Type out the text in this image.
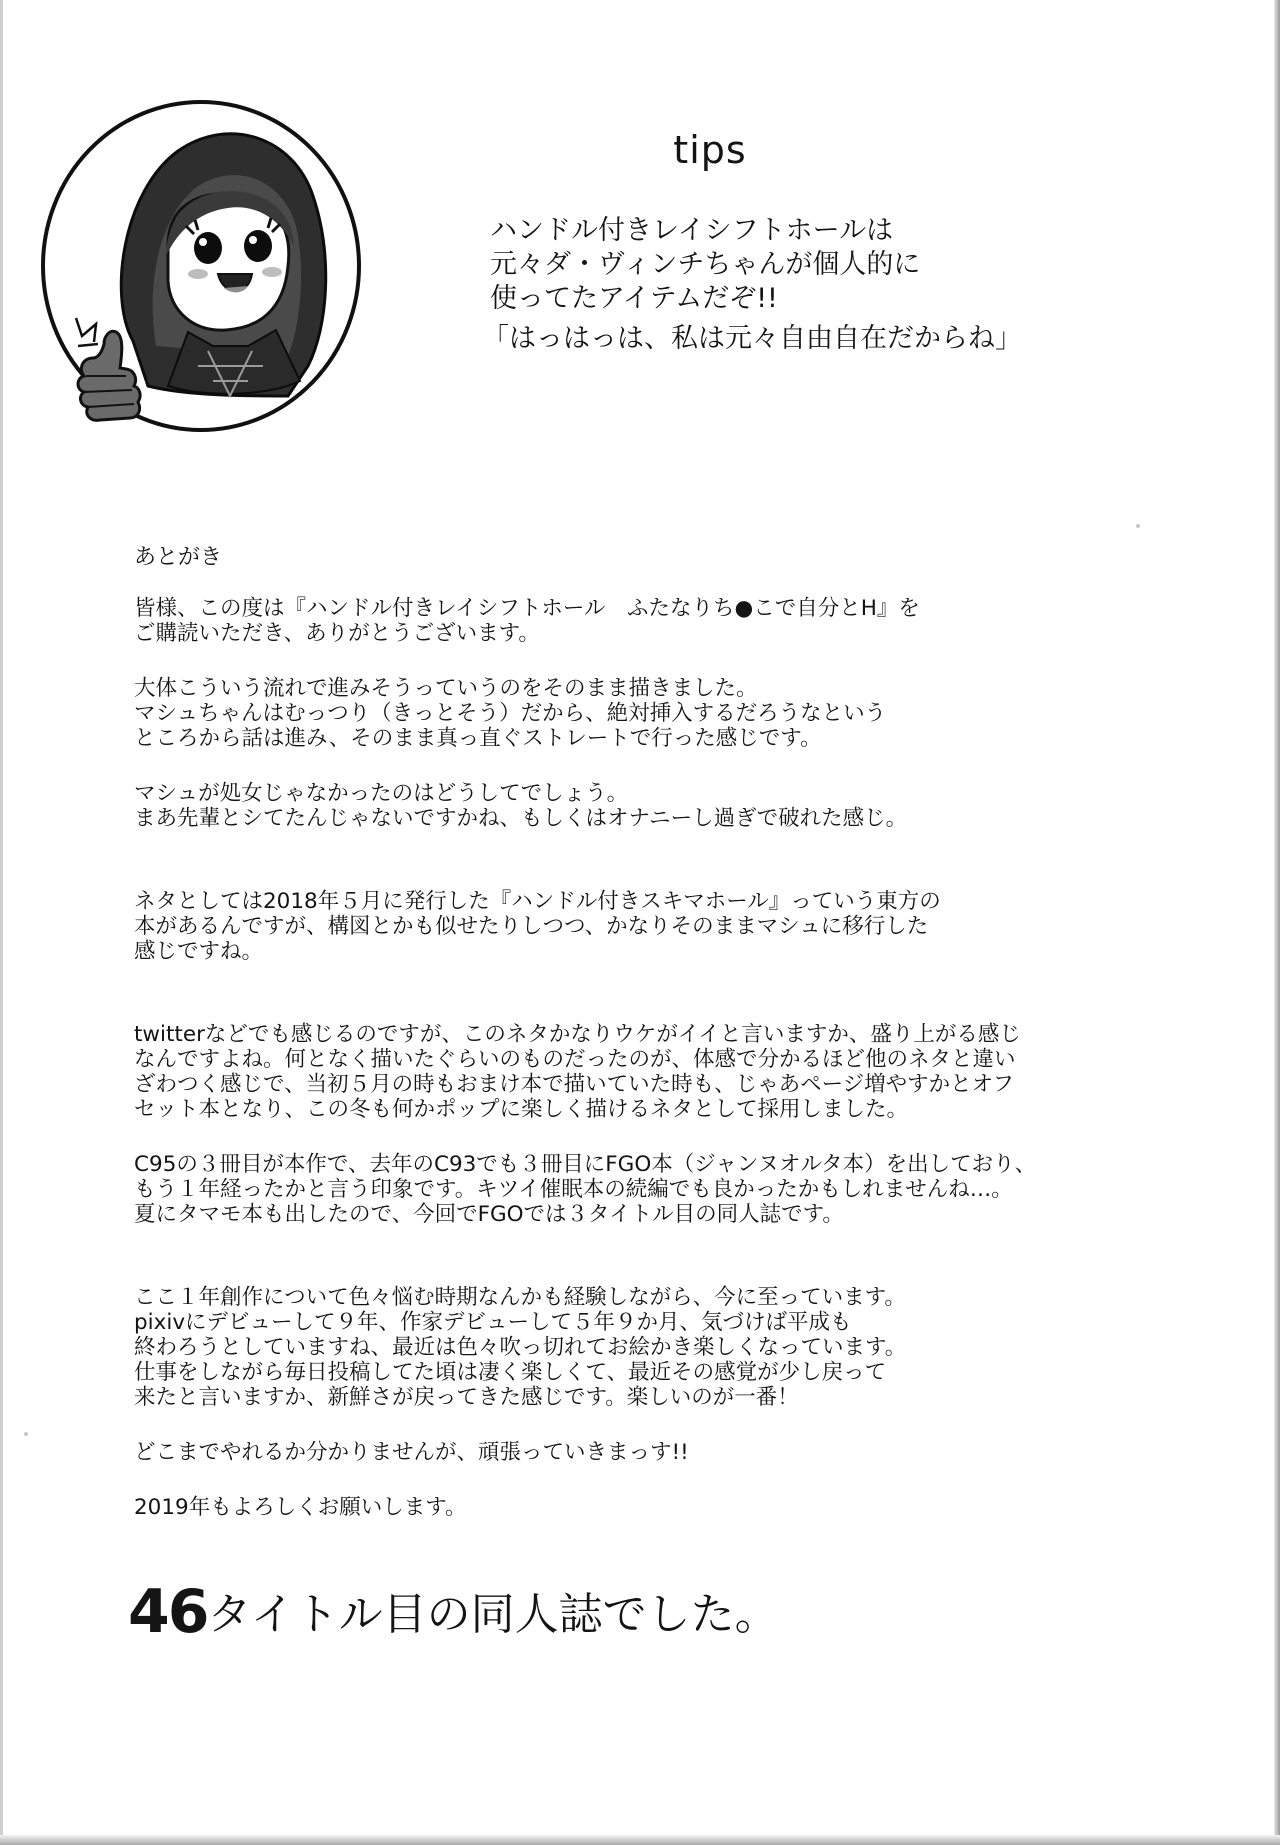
tips
ハンドル付きレイシフトホールは
元々ダ・ヴィンチちゃんが個人的に
使ってたアイテムだぞ!!
「はっはっは、私は元々自由自在だからね」
あとがき
皆様、この度は『ハンドル付きレイシフトホール　ふたなりち●こで自分とH』を
ご購読いただき、ありがとうございます。
大体こういう流れで進みそうっていうのをそのまま描きました。
マシュちゃんはむっつり（きっとそう）だから、絶対挿入するだろうなという
ところから話は進み、そのまま真っ直ぐストレートで行った感じです。
マシュが処女じゃなかったのはどうしてでしょう。
まあ先輩とシてたんじゃないですかね、もしくはオナニーし過ぎで破れた感じ。
ネタとしては2018年５月に発行した『ハンドル付きスキマホール』っていう東方の
本があるんですが、構図とかも似せたりしつつ、かなりそのままマシュに移行した
感じですね。
twitterなどでも感じるのですが、このネタかなりウケがイイと言いますか、盛り上がる感じ
なんですよね。何となく描いたぐらいのものだったのが、体感で分かるほど他のネタと違い
ざわつく感じで、当初５月の時もおまけ本で描いていた時も、じゃあページ増やすかとオフ
セット本となり、この冬も何かポップに楽しく描けるネタとして採用しました。
C95の３冊目が本作で、去年のC93でも３冊目にFGO本（ジャンヌオルタ本）を出しており、
もう１年経ったかと言う印象です。キツイ催眠本の続編でも良かったかもしれませんね…。
夏にタマモ本も出したので、今回でFGOでは３タイトル目の同人誌です。
ここ１年創作について色々悩む時期なんかも経験しながら、今に至っています。
pixivにデビューして９年、作家デビューして５年９か月、気づけば平成も
終わろうとしていますね、最近は色々吹っ切れてお絵かき楽しくなっています。
仕事をしながら毎日投稿してた頃は凄く楽しくて、最近その感覚が少し戻って
来たと言いますか、新鮮さが戻ってきた感じです。楽しいのが一番！
どこまでやれるか分かりませんが、頑張っていきまっす!!
2019年もよろしくお願いします。
46タイトル目の同人誌でした。
